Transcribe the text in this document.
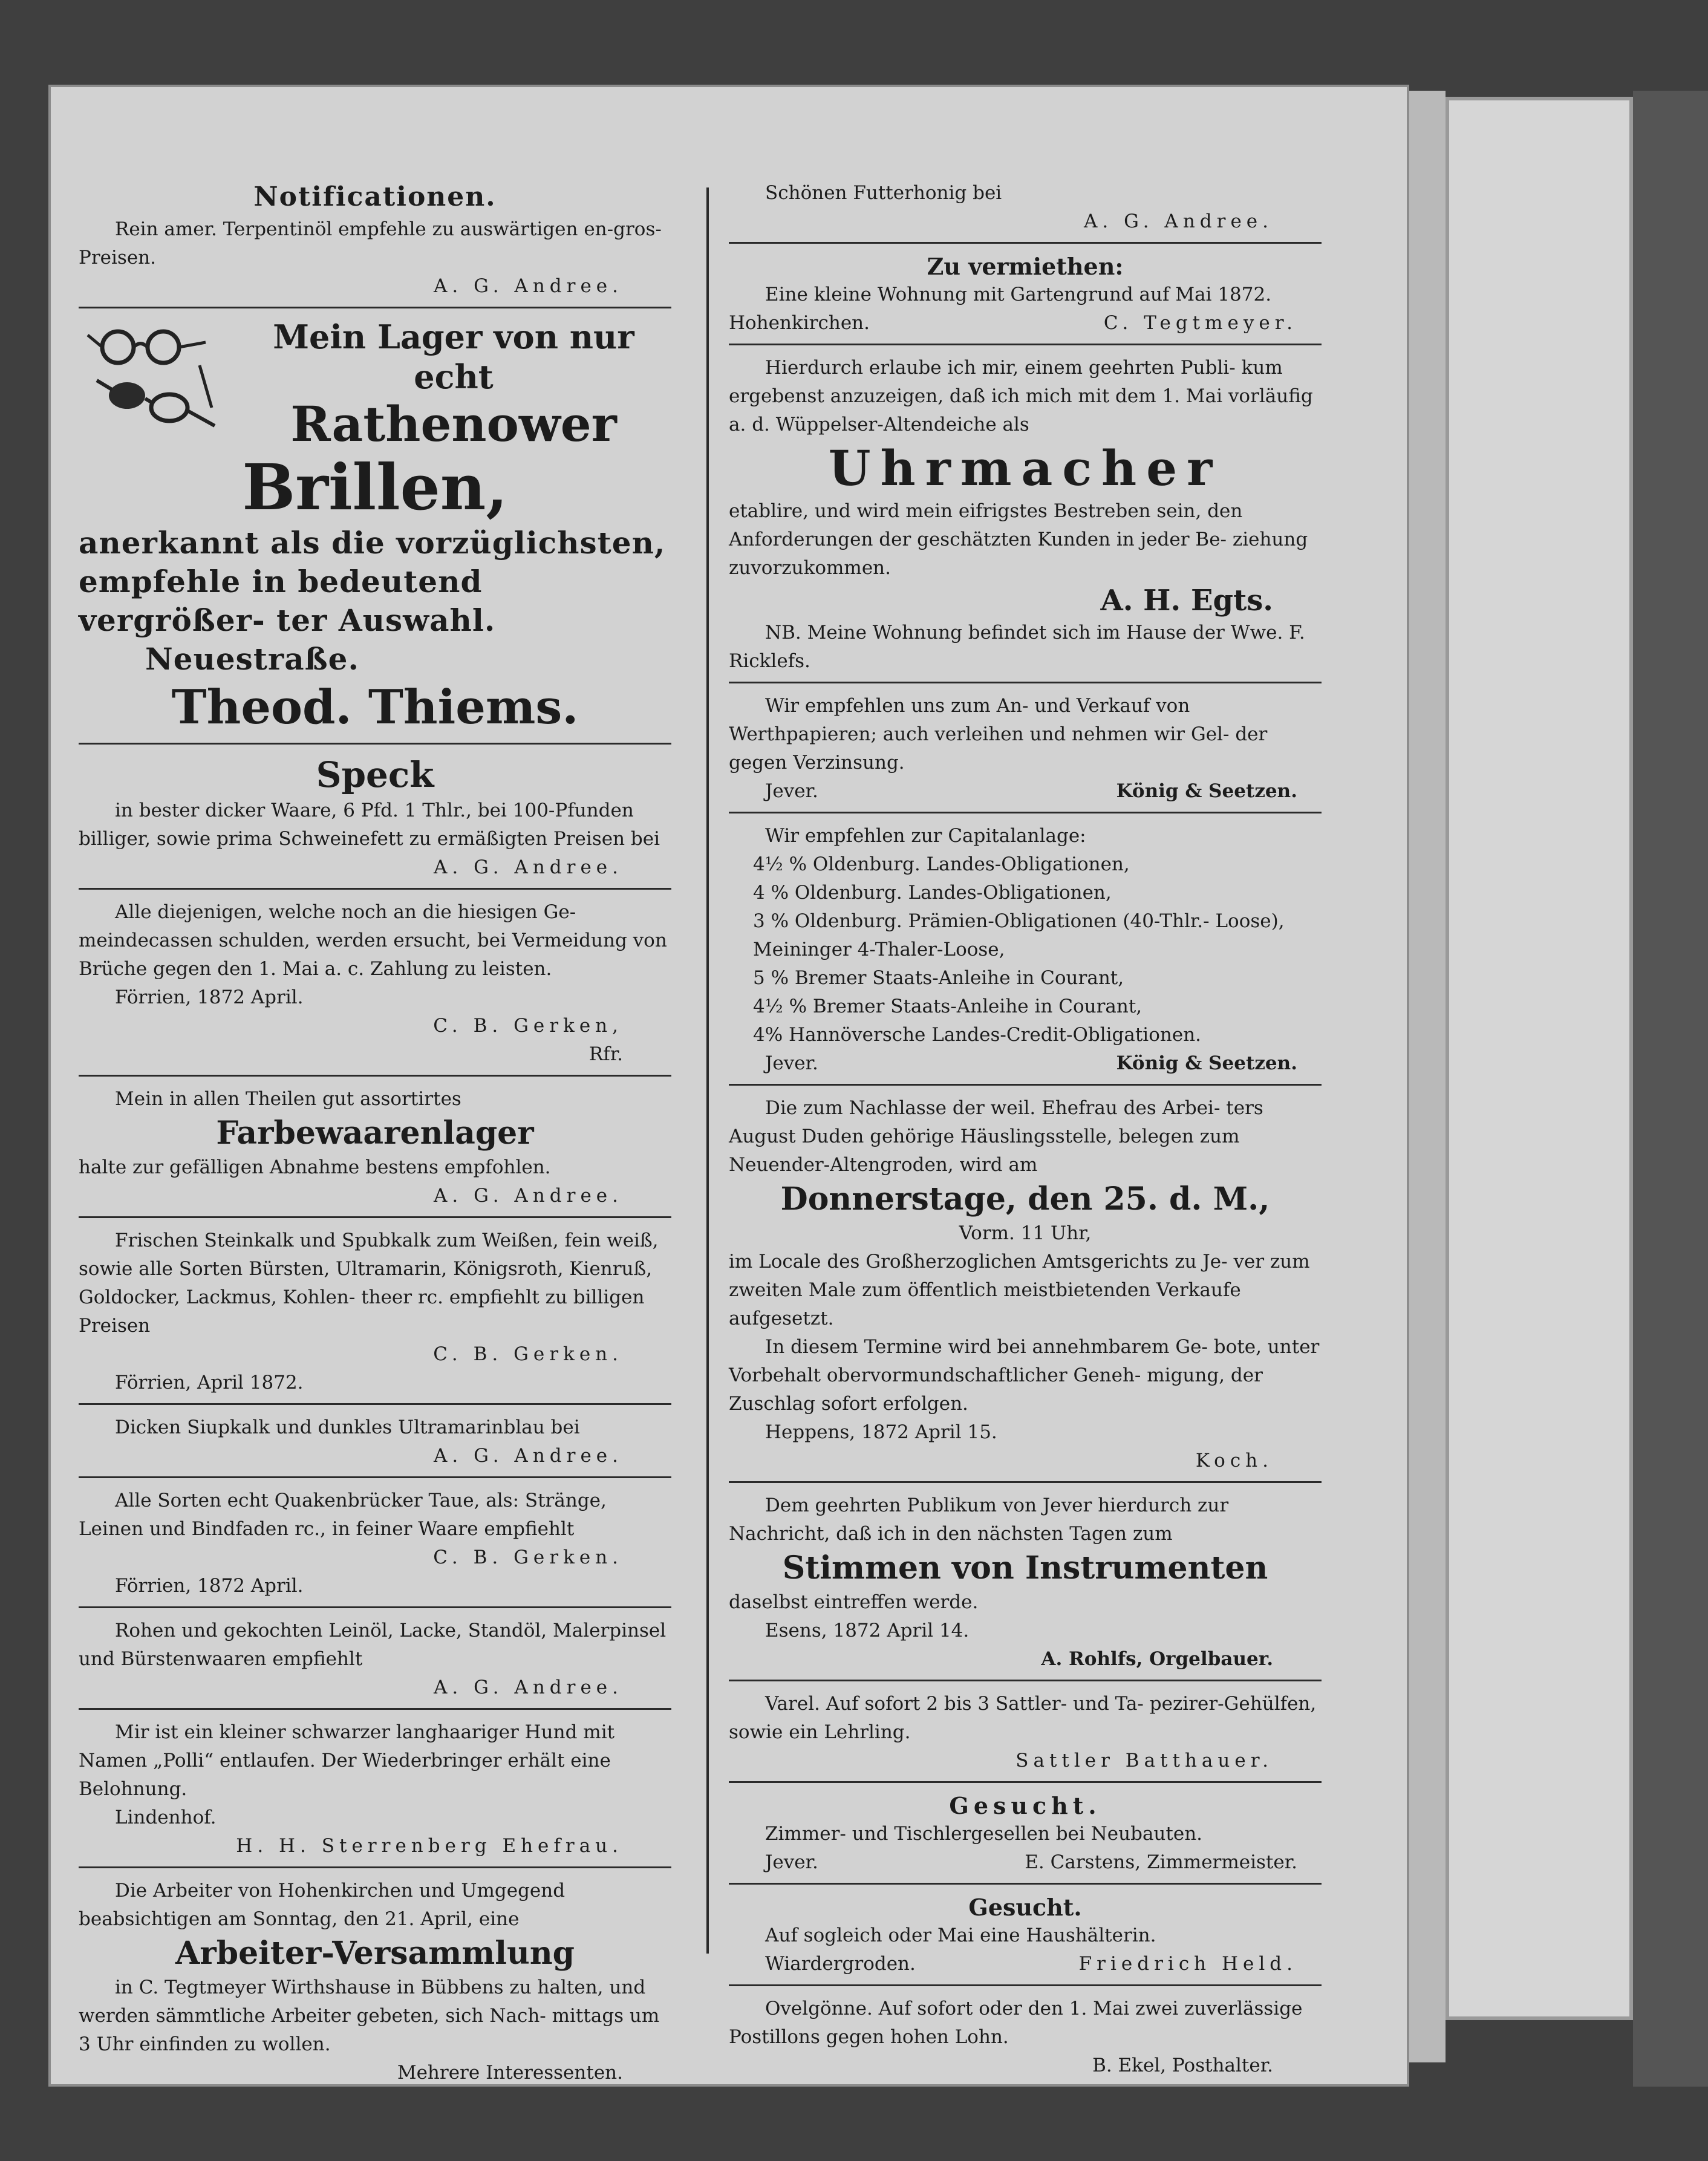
Notificationen.
Rein amer. Terpentinöl empfehle zu auswärtigen en-gros-Preisen.
A. G. Andree.
Mein Lager von nur echt
Rathenower
Brillen,
anerkannt als die vorzüglichsten, empfehle in bedeutend vergrößer- ter Auswahl.
Neuestraße.
Theod. Thiems.
Speck
in bester dicker Waare, 6 Pfd. 1 Thlr., bei 100-Pfunden billiger, sowie prima Schweinefett zu ermäßigten Preisen bei
A. G. Andree.
Alle diejenigen, welche noch an die hiesigen Ge- meindecassen schulden, werden ersucht, bei Vermeidung von Brüche gegen den 1. Mai a. c. Zahlung zu leisten.
Förrien, 1872 April.
C. B. Gerken,
Rfr.
Mein in allen Theilen gut assortirtes
Farbewaarenlager
halte zur gefälligen Abnahme bestens empfohlen.
A. G. Andree.
Frischen Steinkalk und Spubkalk zum Weißen, fein weiß, sowie alle Sorten Bürsten, Ultramarin, Königsroth, Kienruß, Goldocker, Lackmus, Kohlen- theer rc. empfiehlt zu billigen Preisen
C. B. Gerken.
Förrien, April 1872.
Dicken Siupkalk und dunkles Ultramarinblau bei
A. G. Andree.
Alle Sorten echt Quakenbrücker Taue, als: Stränge, Leinen und Bindfaden rc., in feiner Waare empfiehlt
C. B. Gerken.
Förrien, 1872 April.
Rohen und gekochten Leinöl, Lacke, Standöl, Malerpinsel und Bürstenwaaren empfiehlt
A. G. Andree.
Mir ist ein kleiner schwarzer langhaariger Hund mit Namen „Polli“ entlaufen. Der Wiederbringer erhält eine Belohnung.
Lindenhof.
H. H. Sterrenberg Ehefrau.
Die Arbeiter von Hohenkirchen und Umgegend beabsichtigen am Sonntag, den 21. April, eine
Arbeiter-Versammlung
in C. Tegtmeyer Wirthshause in Bübbens zu halten, und werden sämmtliche Arbeiter gebeten, sich Nach- mittags um 3 Uhr einfinden zu wollen.
Mehrere Interessenten.
Schönen Futterhonig bei
A. G. Andree.
Zu vermiethen:
Eine kleine Wohnung mit Gartengrund auf Mai 1872.
Hohenkirchen.	C. Tegtmeyer.
Hierdurch erlaube ich mir, einem geehrten Publi- kum ergebenst anzuzeigen, daß ich mich mit dem 1. Mai vorläufig a. d. Wüppelser-Altendeiche als
Uhrmacher
etablire, und wird mein eifrigstes Bestreben sein, den Anforderungen der geschätzten Kunden in jeder Be- ziehung zuvorzukommen.
A. H. Egts.
NB. Meine Wohnung befindet sich im Hause der Wwe. F. Ricklefs.
Wir empfehlen uns zum An- und Verkauf von Werthpapieren; auch verleihen und nehmen wir Gel- der gegen Verzinsung.
Jever.	König & Seetzen.
Wir empfehlen zur Capitalanlage:
4½ % Oldenburg. Landes-Obligationen,
4 % Oldenburg. Landes-Obligationen,
3 % Oldenburg. Prämien-Obligationen (40-Thlr.- Loose),
Meininger 4-Thaler-Loose,
5 % Bremer Staats-Anleihe in Courant,
4½ % Bremer Staats-Anleihe in Courant,
4% Hannöversche Landes-Credit-Obligationen.
Jever.	König & Seetzen.
Die zum Nachlasse der weil. Ehefrau des Arbei- ters August Duden gehörige Häuslingsstelle, belegen zum Neuender-Altengroden, wird am
Donnerstage, den 25. d. M.,
Vorm. 11 Uhr,
im Locale des Großherzoglichen Amtsgerichts zu Je- ver zum zweiten Male zum öffentlich meistbietenden Verkaufe aufgesetzt.
In diesem Termine wird bei annehmbarem Ge- bote, unter Vorbehalt obervormundschaftlicher Geneh- migung, der Zuschlag sofort erfolgen.
Heppens, 1872 April 15.
Koch.
Dem geehrten Publikum von Jever hierdurch zur Nachricht, daß ich in den nächsten Tagen zum
Stimmen von Instrumenten
daselbst eintreffen werde.
Esens, 1872 April 14.
A. Rohlfs, Orgelbauer.
Varel. Auf sofort 2 bis 3 Sattler- und Ta- pezirer-Gehülfen, sowie ein Lehrling.
Sattler Batthauer.
Gesucht.
Zimmer- und Tischlergesellen bei Neubauten.
Jever.	E. Carstens, Zimmermeister.
Gesucht.
Auf sogleich oder Mai eine Haushälterin.
Wiardergroden.	Friedrich Held.
Ovelgönne. Auf sofort oder den 1. Mai zwei zuverlässige Postillons gegen hohen Lohn.
B. Ekel, Posthalter.
